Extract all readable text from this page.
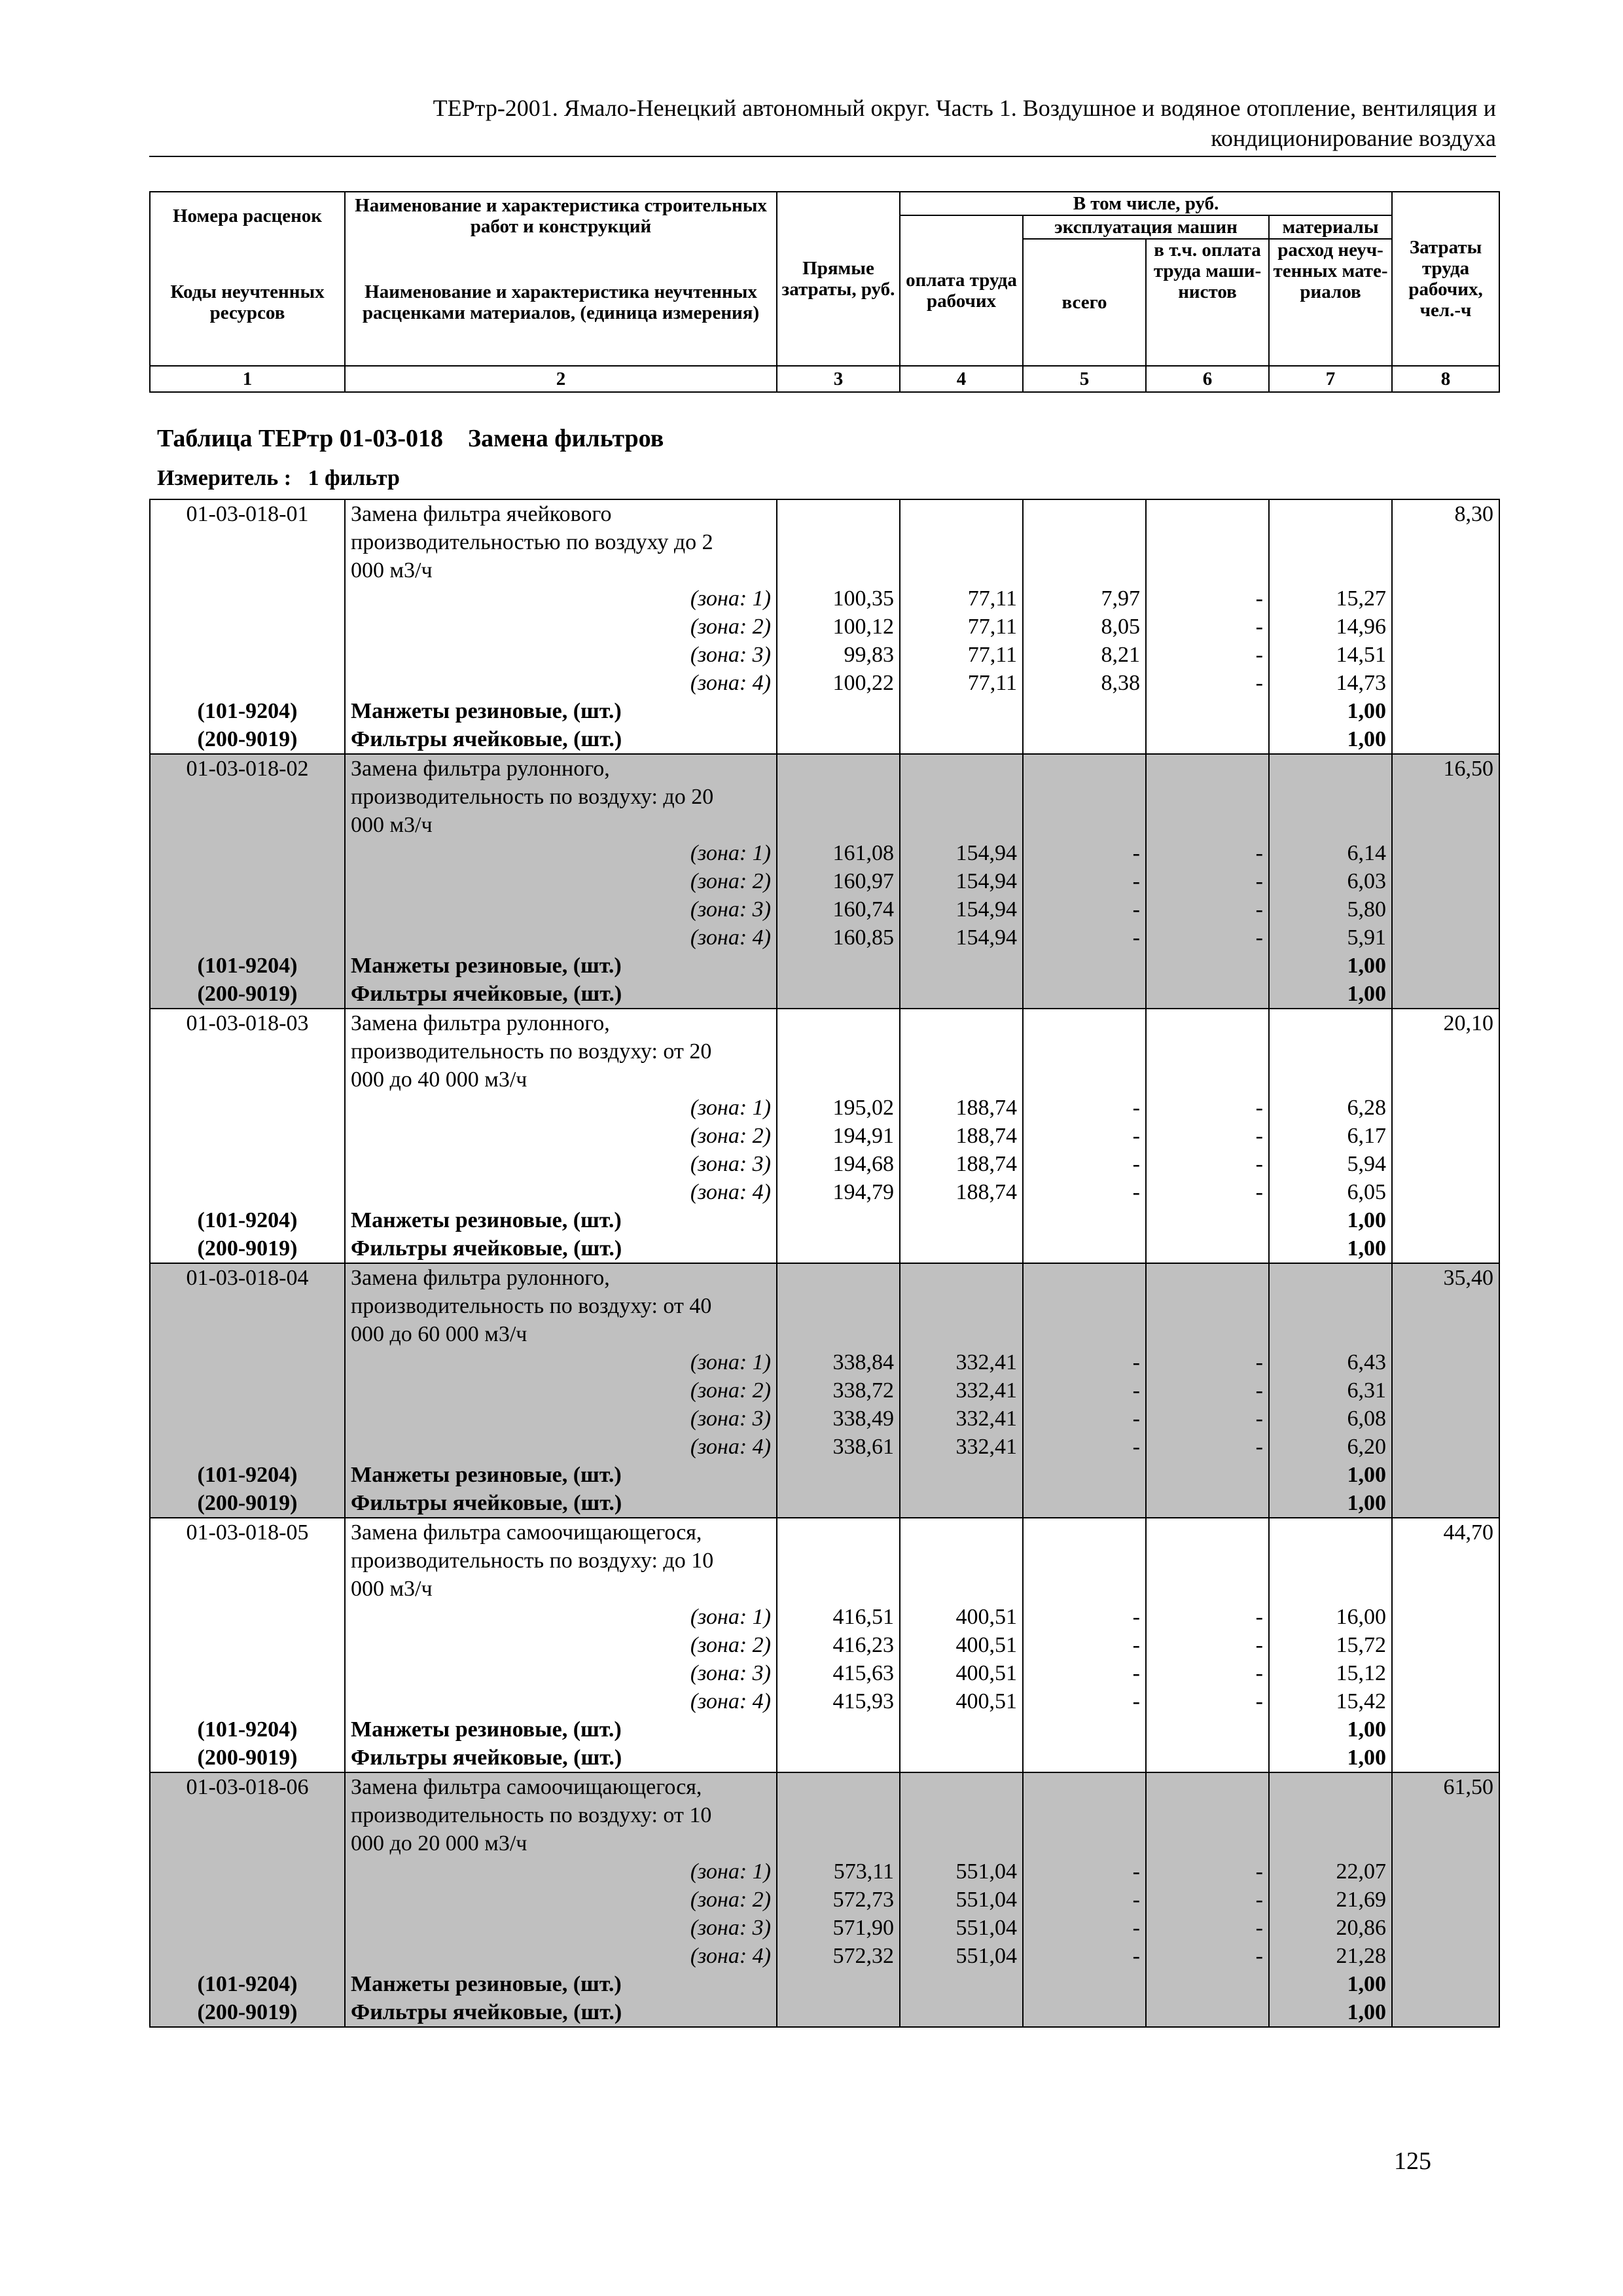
ТЕРтр-2001. Ямало-Ненецкий автономный округ. Часть 1. Воздушное и водяное отопление, вентиляция и
кондиционирование воздуха
Номера расценок	Наименование и характеристика строительных работ и конструкций	Прямые затраты, руб.	В том числе, руб.				Затраты труда рабочих, чел.-ч
			оплата труда рабочих	эксплуатация машин		материалы	
Коды неучтенных ресурсов	Наименование и характеристика неучтенных расценками материалов, (единица измерения)			всего	в т.ч. оплата труда маши-нистов	расход неуч-тенных мате-риалов	

1	2	3	4	5	6	7	8
Таблица ТЕРтр 01-03-018    Замена фильтров
Измеритель : 1 фильтр
01-03-018-01	Замена фильтра ячейкового
производительностью по воздуху до 2
000 м3/ч						8,30
	(зона: 1)	100,35	77,11	7,97	-	15,27	
	(зона: 2)	100,12	77,11	8,05	-	14,96	
	(зона: 3)	99,83	77,11	8,21	-	14,51	
	(зона: 4)	100,22	77,11	8,38	-	14,73	
(101-9204)	Манжеты резиновые, (шт.)					1,00	
(200-9019)	Фильтры ячейковые, (шт.)					1,00	
01-03-018-02	Замена фильтра рулонного,
производительность по воздуху: до 20
000 м3/ч						16,50
	(зона: 1)	161,08	154,94	-	-	6,14	
	(зона: 2)	160,97	154,94	-	-	6,03	
	(зона: 3)	160,74	154,94	-	-	5,80	
	(зона: 4)	160,85	154,94	-	-	5,91	
(101-9204)	Манжеты резиновые, (шт.)					1,00	
(200-9019)	Фильтры ячейковые, (шт.)					1,00	
01-03-018-03	Замена фильтра рулонного,
производительность по воздуху: от 20
000 до 40 000 м3/ч						20,10
	(зона: 1)	195,02	188,74	-	-	6,28	
	(зона: 2)	194,91	188,74	-	-	6,17	
	(зона: 3)	194,68	188,74	-	-	5,94	
	(зона: 4)	194,79	188,74	-	-	6,05	
(101-9204)	Манжеты резиновые, (шт.)					1,00	
(200-9019)	Фильтры ячейковые, (шт.)					1,00	
01-03-018-04	Замена фильтра рулонного,
производительность по воздуху: от 40
000 до 60 000 м3/ч						35,40
	(зона: 1)	338,84	332,41	-	-	6,43	
	(зона: 2)	338,72	332,41	-	-	6,31	
	(зона: 3)	338,49	332,41	-	-	6,08	
	(зона: 4)	338,61	332,41	-	-	6,20	
(101-9204)	Манжеты резиновые, (шт.)					1,00	
(200-9019)	Фильтры ячейковые, (шт.)					1,00	
01-03-018-05	Замена фильтра самоочищающегося,
производительность по воздуху: до 10
000 м3/ч						44,70
	(зона: 1)	416,51	400,51	-	-	16,00	
	(зона: 2)	416,23	400,51	-	-	15,72	
	(зона: 3)	415,63	400,51	-	-	15,12	
	(зона: 4)	415,93	400,51	-	-	15,42	
(101-9204)	Манжеты резиновые, (шт.)					1,00	
(200-9019)	Фильтры ячейковые, (шт.)					1,00	
01-03-018-06	Замена фильтра самоочищающегося,
производительность по воздуху: от 10
000 до 20 000 м3/ч						61,50
	(зона: 1)	573,11	551,04	-	-	22,07	
	(зона: 2)	572,73	551,04	-	-	21,69	
	(зона: 3)	571,90	551,04	-	-	20,86	
	(зона: 4)	572,32	551,04	-	-	21,28	
(101-9204)	Манжеты резиновые, (шт.)					1,00	
(200-9019)	Фильтры ячейковые, (шт.)					1,00	
125
